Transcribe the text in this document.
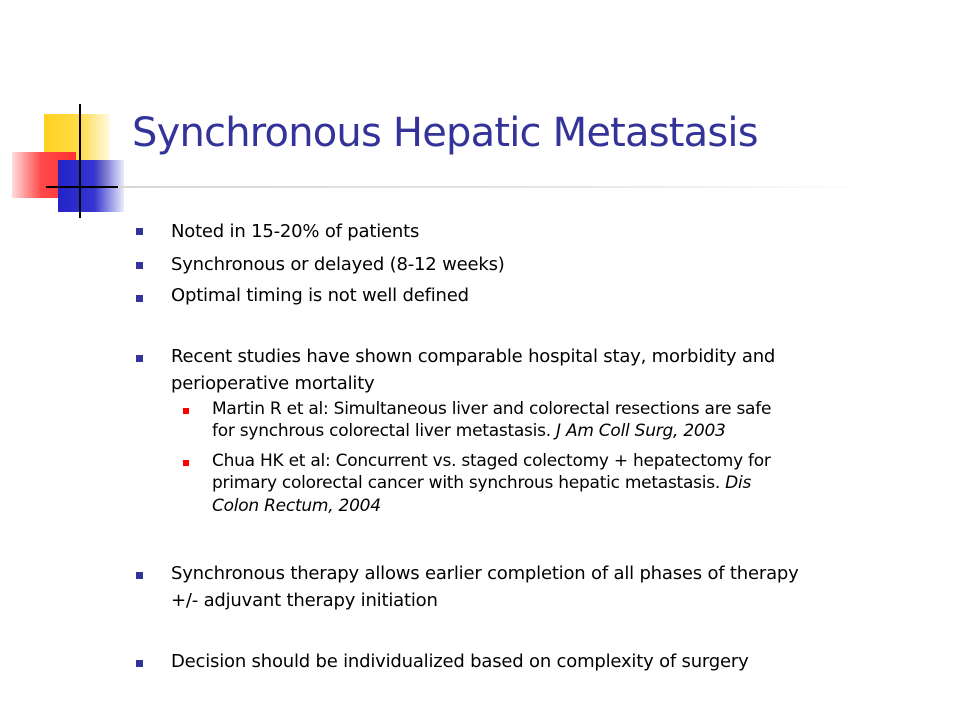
Synchronous Hepatic Metastasis
Noted in 15-20% of patients
Synchronous or delayed (8-12 weeks)
Optimal timing is not well defined
Recent studies have shown comparable hospital stay, morbidity and
perioperative mortality
Martin R et al: Simultaneous liver and colorectal resections are safe
for synchrous colorectal liver metastasis. J Am Coll Surg, 2003
Chua HK et al: Concurrent vs. staged colectomy + hepatectomy for
primary colorectal cancer with synchrous hepatic metastasis. Dis
Colon Rectum, 2004
Synchronous therapy allows earlier completion of all phases of therapy
+/- adjuvant therapy initiation
Decision should be individualized based on complexity of surgery
